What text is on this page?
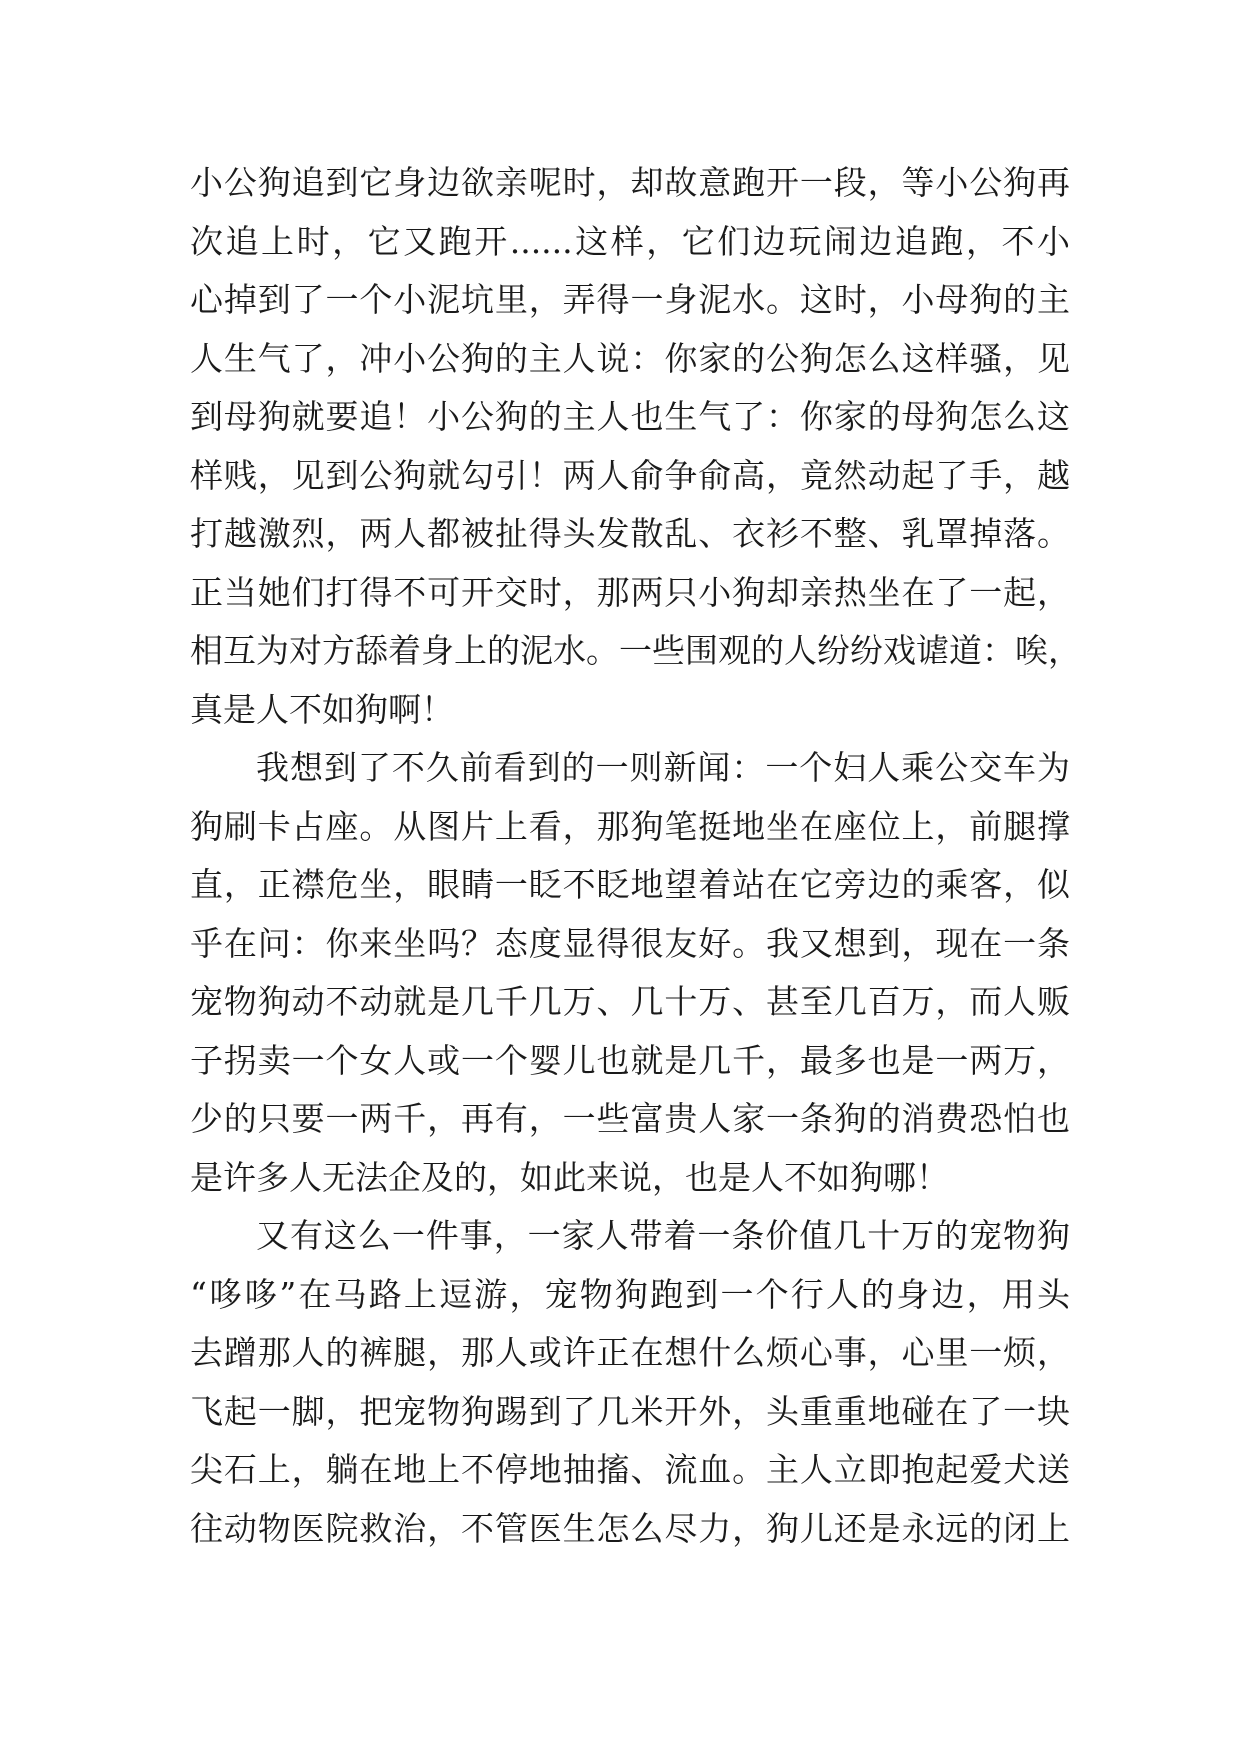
小公狗追到它身边欲亲呢时，却故意跑开一段，等小公狗再
次追上时，它又跑开......这样，它们边玩闹边追跑，不小
心掉到了一个小泥坑里，弄得一身泥水。这时，小母狗的主
人生气了，冲小公狗的主人说：你家的公狗怎么这样骚，见
到母狗就要追！小公狗的主人也生气了：你家的母狗怎么这
样贱，见到公狗就勾引！两人俞争俞高，竟然动起了手，越
打越激烈，两人都被扯得头发散乱、衣衫不整、乳罩掉落。
正当她们打得不可开交时，那两只小狗却亲热坐在了一起，
相互为对方舔着身上的泥水。一些围观的人纷纷戏谑道：唉，
真是人不如狗啊！
我想到了不久前看到的一则新闻：一个妇人乘公交车为
狗刷卡占座。从图片上看，那狗笔挺地坐在座位上，前腿撑
直，正襟危坐，眼睛一眨不眨地望着站在它旁边的乘客，似
乎在问：你来坐吗？态度显得很友好。我又想到，现在一条
宠物狗动不动就是几千几万、几十万、甚至几百万，而人贩
子拐卖一个女人或一个婴儿也就是几千，最多也是一两万，
少的只要一两千，再有，一些富贵人家一条狗的消费恐怕也
是许多人无法企及的，如此来说，也是人不如狗哪！
又有这么一件事，一家人带着一条价值几十万的宠物狗
“哆哆”在马路上逗游，宠物狗跑到一个行人的身边，用头
去蹭那人的裤腿，那人或许正在想什么烦心事，心里一烦，
飞起一脚，把宠物狗踢到了几米开外，头重重地碰在了一块
尖石上，躺在地上不停地抽搐、流血。主人立即抱起爱犬送
往动物医院救治，不管医生怎么尽力，狗儿还是永远的闭上
